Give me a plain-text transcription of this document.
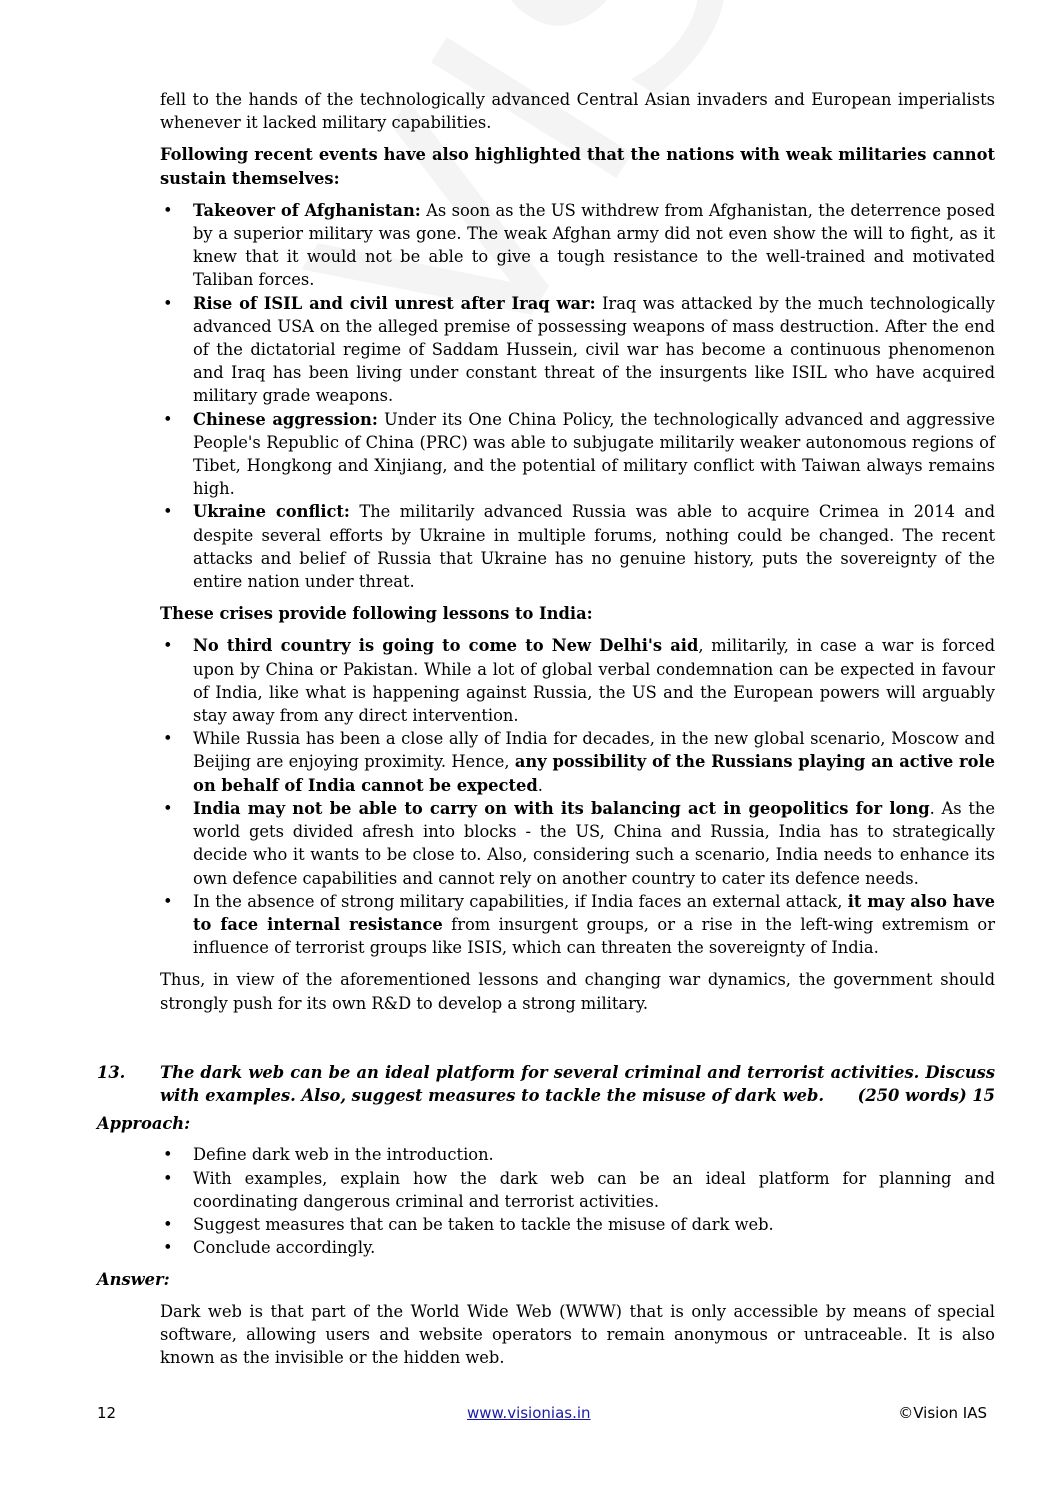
fell to the hands of the technologically advanced Central Asian invaders and European imperialists whenever it lacked military capabilities.

Following recent events have also highlighted that the nations with weak militaries cannot sustain themselves:

• Takeover of Afghanistan: As soon as the US withdrew from Afghanistan, the deterrence posed by a superior military was gone. The weak Afghan army did not even show the will to fight, as it knew that it would not be able to give a tough resistance to the well-trained and motivated Taliban forces.
• Rise of ISIL and civil unrest after Iraq war: Iraq was attacked by the much technologically advanced USA on the alleged premise of possessing weapons of mass destruction. After the end of the dictatorial regime of Saddam Hussein, civil war has become a continuous phenomenon and Iraq has been living under constant threat of the insurgents like ISIL who have acquired military grade weapons.
• Chinese aggression: Under its One China Policy, the technologically advanced and aggressive People's Republic of China (PRC) was able to subjugate militarily weaker autonomous regions of Tibet, Hongkong and Xinjiang, and the potential of military conflict with Taiwan always remains high.
• Ukraine conflict: The militarily advanced Russia was able to acquire Crimea in 2014 and despite several efforts by Ukraine in multiple forums, nothing could be changed. The recent attacks and belief of Russia that Ukraine has no genuine history, puts the sovereignty of the entire nation under threat.

These crises provide following lessons to India:

• No third country is going to come to New Delhi's aid, militarily, in case a war is forced upon by China or Pakistan. While a lot of global verbal condemnation can be expected in favour of India, like what is happening against Russia, the US and the European powers will arguably stay away from any direct intervention.
• While Russia has been a close ally of India for decades, in the new global scenario, Moscow and Beijing are enjoying proximity. Hence, any possibility of the Russians playing an active role on behalf of India cannot be expected.
• India may not be able to carry on with its balancing act in geopolitics for long. As the world gets divided afresh into blocks - the US, China and Russia, India has to strategically decide who it wants to be close to. Also, considering such a scenario, India needs to enhance its own defence capabilities and cannot rely on another country to cater its defence needs.
• In the absence of strong military capabilities, if India faces an external attack, it may also have to face internal resistance from insurgent groups, or a rise in the left-wing extremism or influence of terrorist groups like ISIS, which can threaten the sovereignty of India.

Thus, in view of the aforementioned lessons and changing war dynamics, the government should strongly push for its own R&D to develop a strong military.

13. The dark web can be an ideal platform for several criminal and terrorist activities. Discuss with examples. Also, suggest measures to tackle the misuse of dark web. (250 words) 15

Approach:

• Define dark web in the introduction.
• With examples, explain how the dark web can be an ideal platform for planning and coordinating dangerous criminal and terrorist activities.
• Suggest measures that can be taken to tackle the misuse of dark web.
• Conclude accordingly.

Answer:

Dark web is that part of the World Wide Web (WWW) that is only accessible by means of special software, allowing users and website operators to remain anonymous or untraceable. It is also known as the invisible or the hidden web.

12	www.visionias.in	©Vision IAS
